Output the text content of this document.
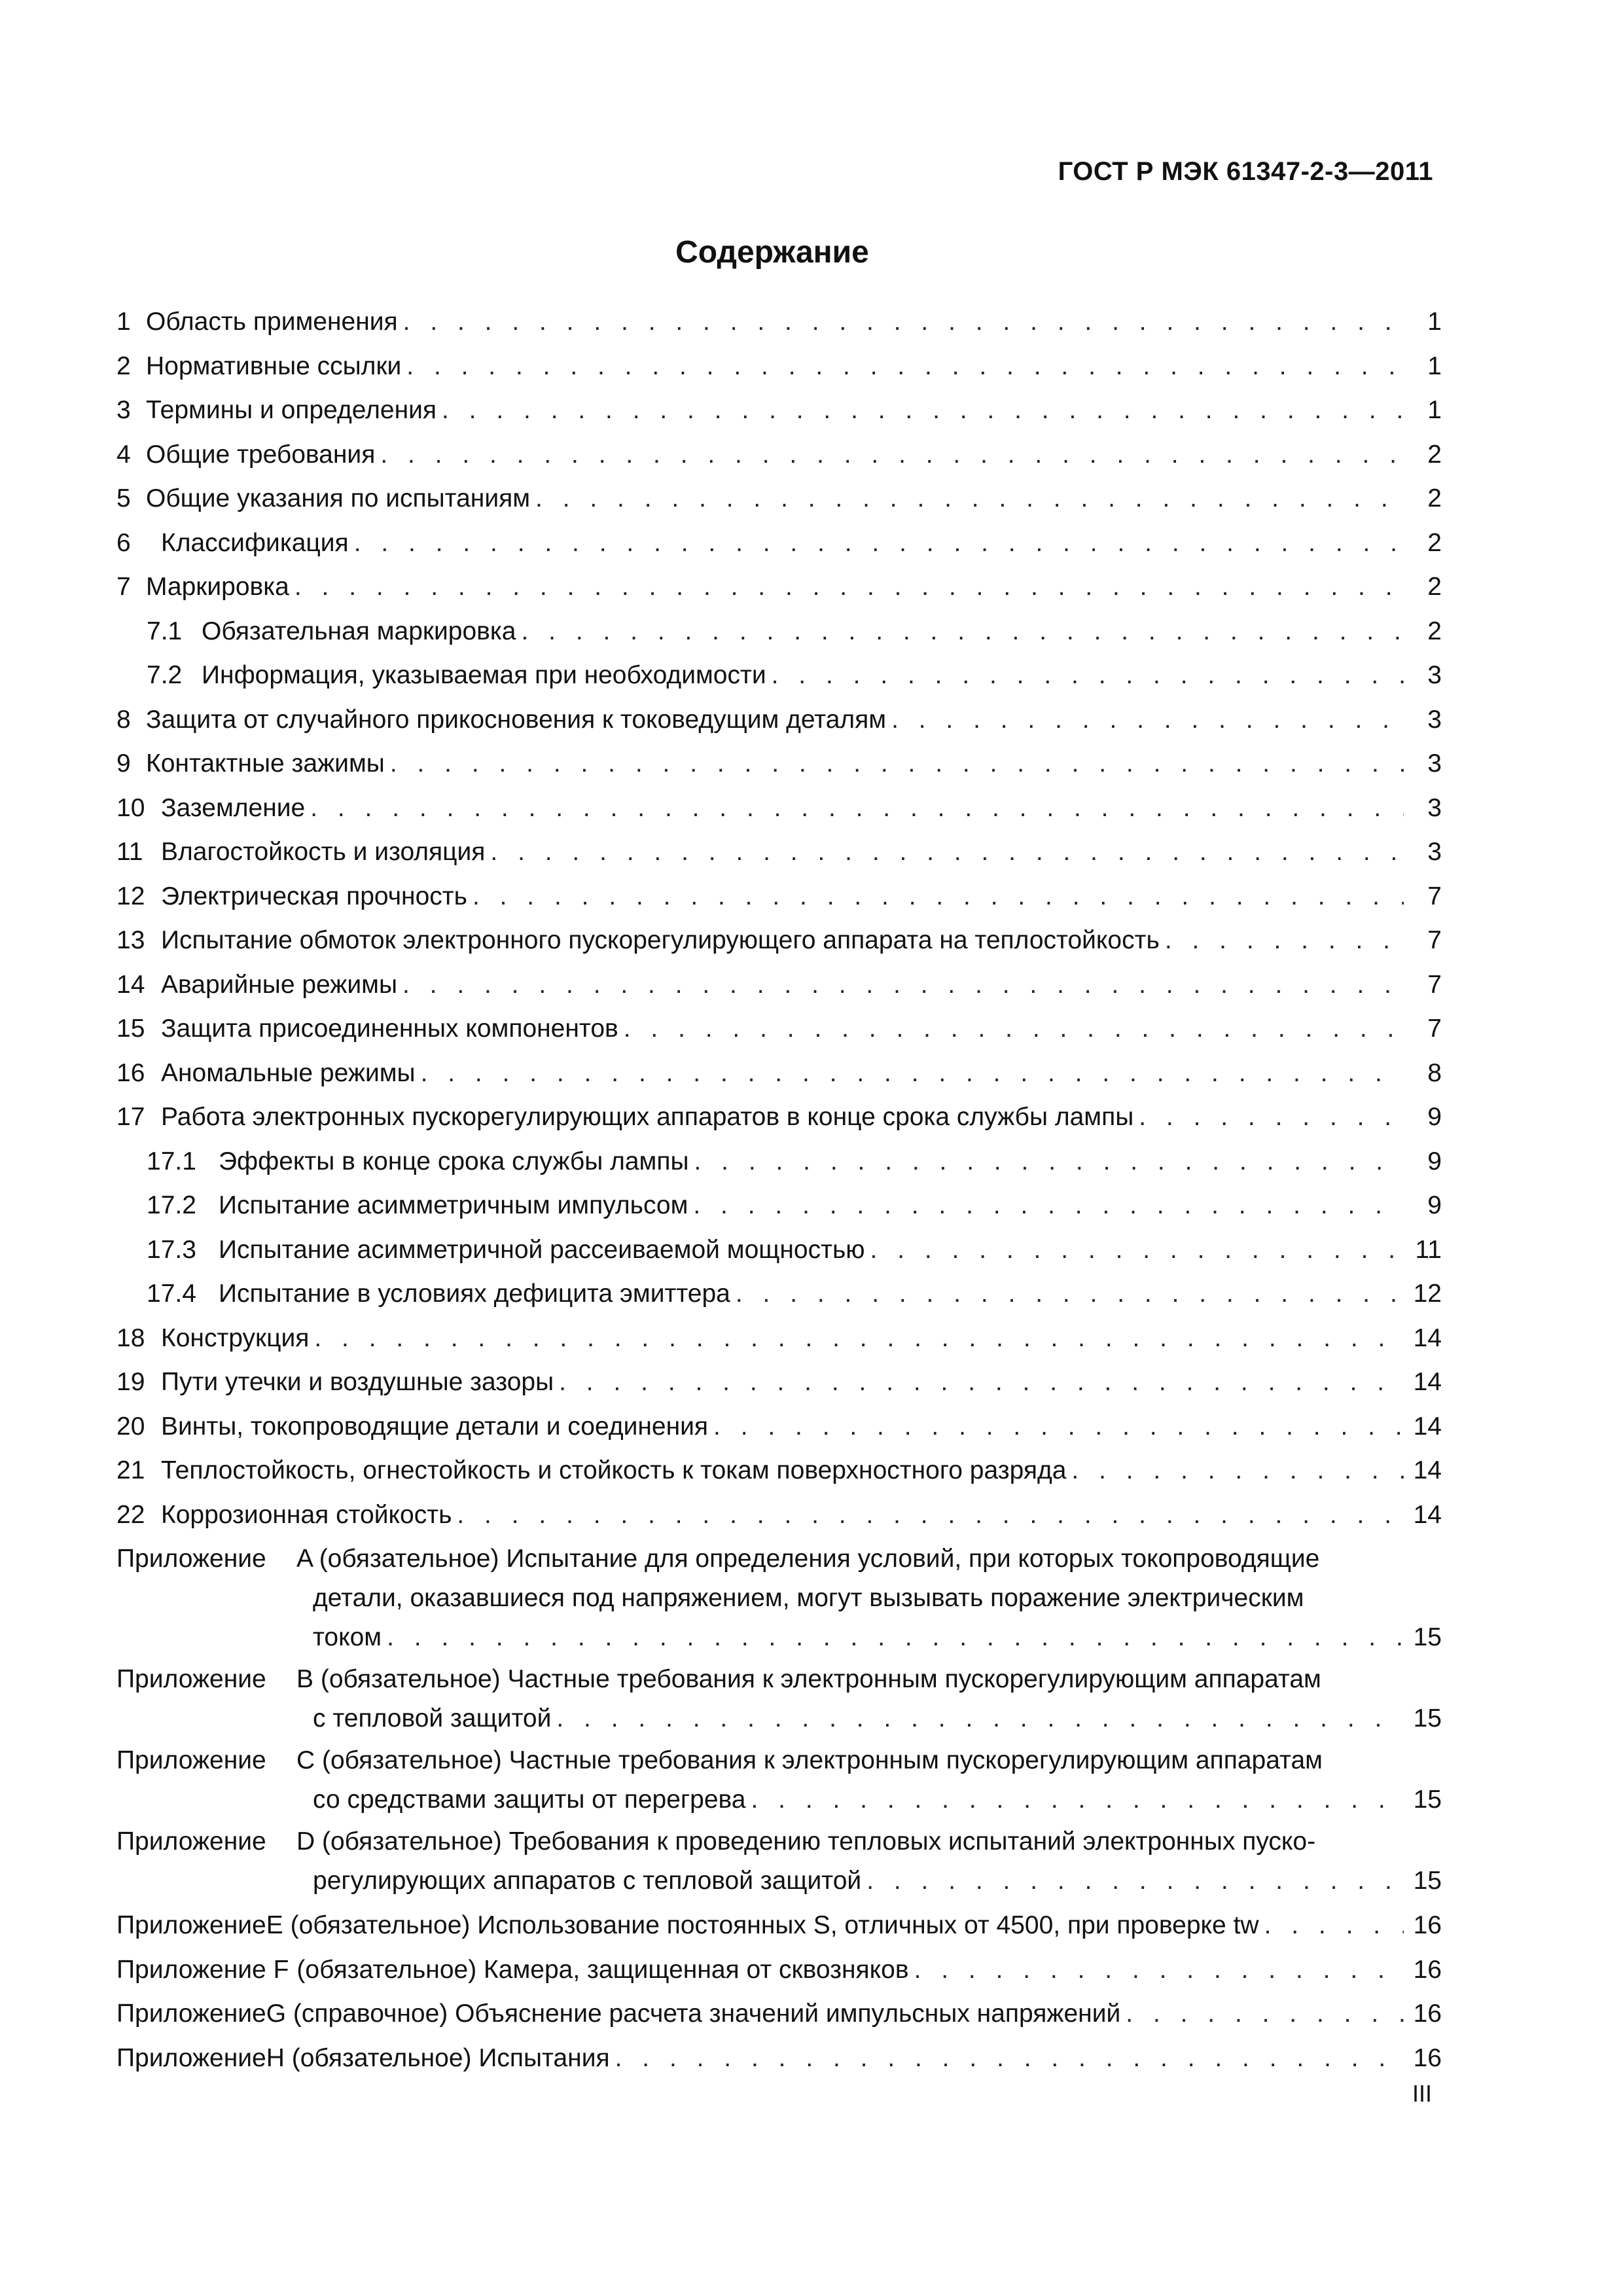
ГОСТ Р МЭК 61347-2-3—2011
Содержание
1 Область применения . . .	1
2 Нормативные ссылки . . .	1
3 Термины и определения . . .	1
4 Общие требования . . .	2
5 Общие указания по испытаниям . . .	2
6	Классификация . . .	2
7 Маркировка . . .	2
7.1 Обязательная маркировка . . .	2
7.2 Информация, указываемая при необходимости . . .	3
8 Защита от случайного прикосновения к токоведущим деталям . . .	3
9 Контактные зажимы . . .	3
10 Заземление . . .	3
11 Влагостойкость и изоляция . . .	3
12 Электрическая прочность . . .	7
13 Испытание обмоток электронного пускорегулирующего аппарата на теплостойкость . . .	7
14 Аварийные режимы . . .	7
15 Защита присоединенных компонентов . . .	7
16 Аномальные режимы . . .	8
17 Работа электронных пускорегулирующих аппаратов в конце срока службы лампы . . .	9
17.1 Эффекты в конце срока службы лампы . . .	9
17.2 Испытание асимметричным импульсом . . .	9
17.3 Испытание асимметричной рассеиваемой мощностью . . .	11
17.4 Испытание в условиях дефицита эмиттера . . .	12
18 Конструкция . . .	14
19 Пути утечки и воздушные зазоры . . .	14
20 Винты, токопроводящие детали и соединения . . .	14
21 Теплостойкость, огнестойкость и стойкость к токам поверхностного разряда . . .	14
22 Коррозионная стойкость . . .	14
Приложение	A (обязательное) Испытание для определения условий, при которых токопроводящие
детали, оказавшиеся под напряжением, могут вызывать поражение электрическим
током . . .	15
Приложение	B (обязательное) Частные требования к электронным пускорегулирующим аппаратам
с тепловой защитой . . .	15
Приложение	C (обязательное) Частные требования к электронным пускорегулирующим аппаратам
со средствами защиты от перегрева . . .	15
Приложение	D (обязательное) Требования к проведению тепловых испытаний электронных пуско-
регулирующих аппаратов с тепловой защитой . . .	15
Приложение E (обязательное) Использование постоянных S, отличных от 4500, при проверке tw . . .	16
Приложение F (обязательное) Камера, защищенная от сквозняков . . .	16
Приложение G (справочное) Объяснение расчета значений импульсных напряжений . . .	16
Приложение H (обязательное) Испытания . . .	16
III
